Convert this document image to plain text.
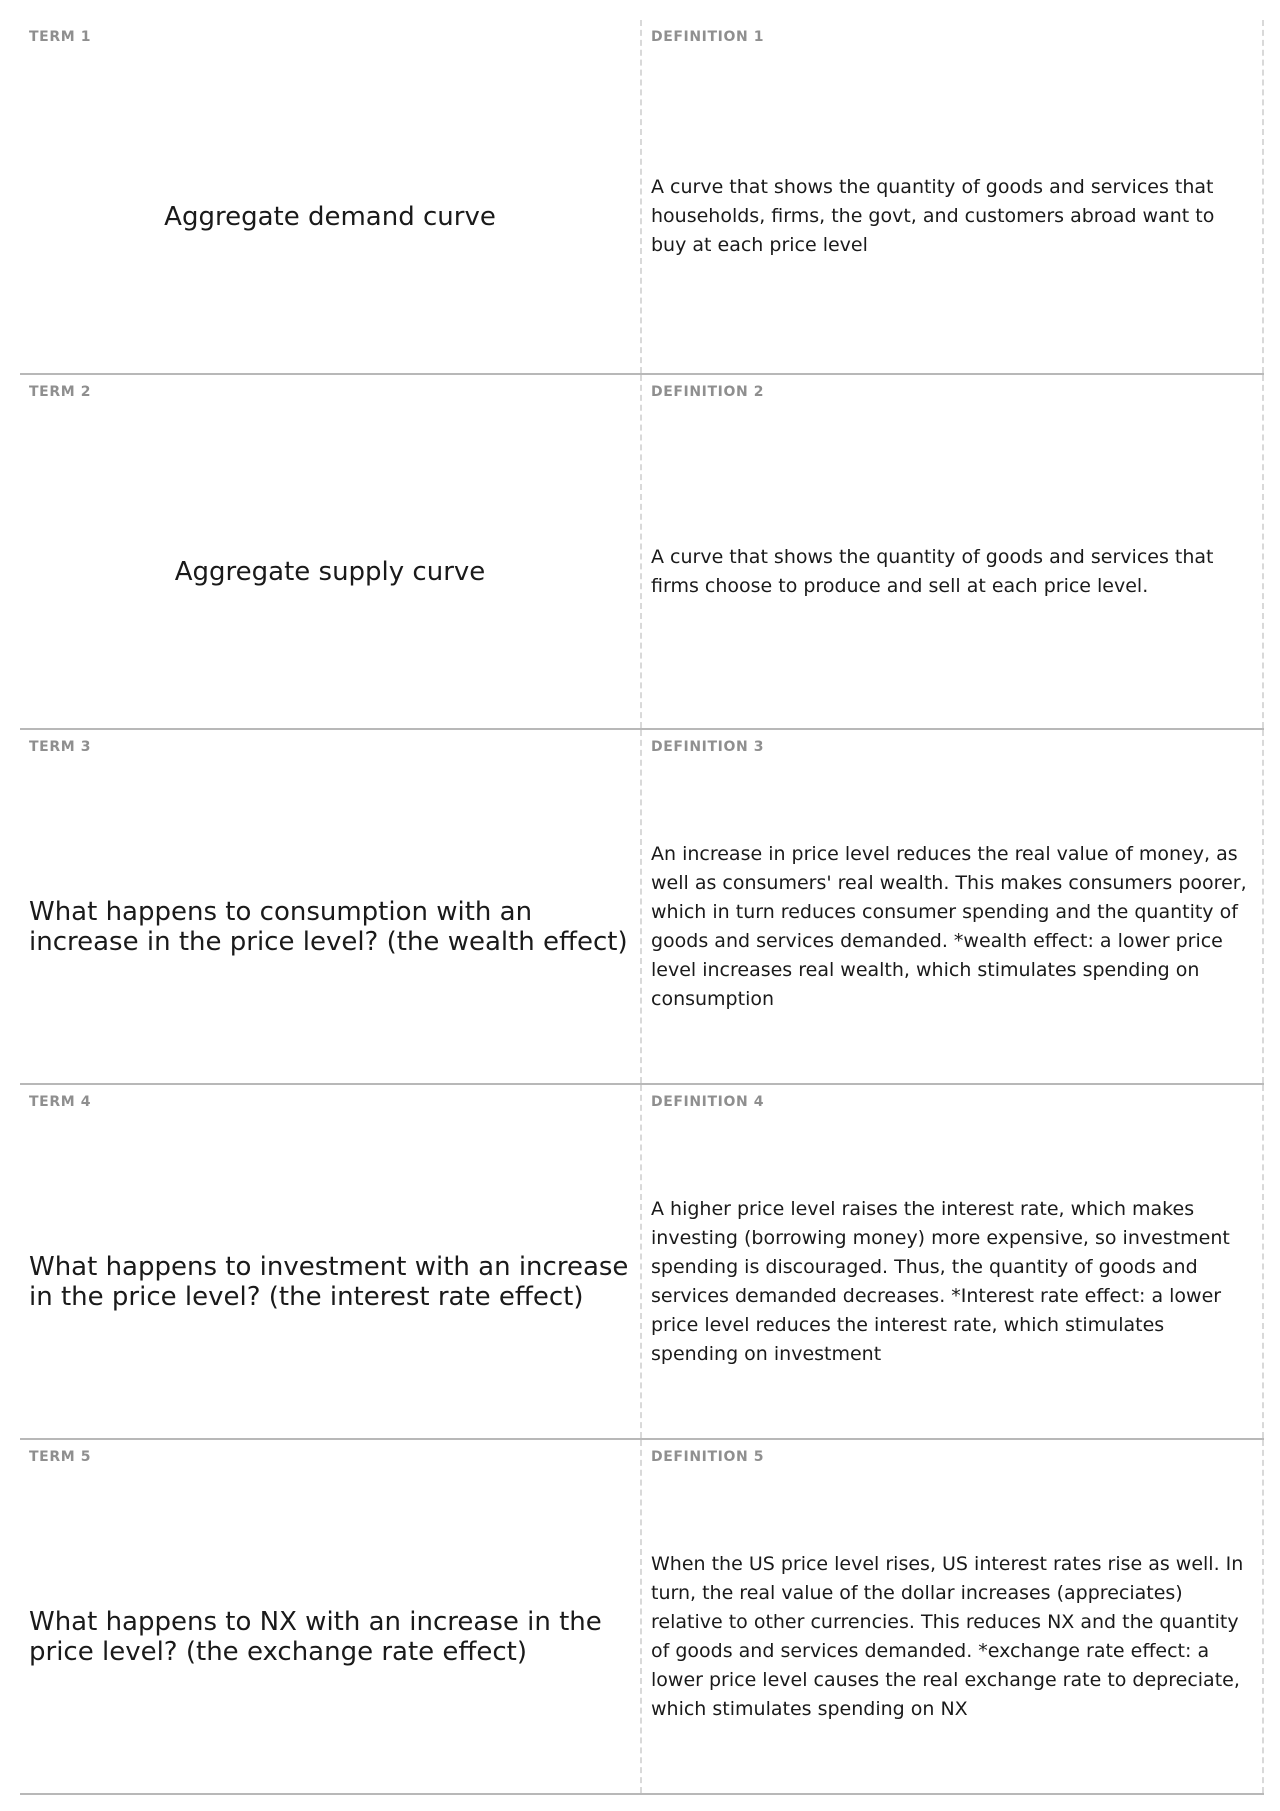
TERM 1
Aggregate demand curve
DEFINITION 1
A curve that shows the quantity of goods and services that households, firms, the govt, and customers abroad want to buy at each price level
TERM 2
Aggregate supply curve
DEFINITION 2
A curve that shows the quantity of goods and services that firms choose to produce and sell at each price level.
TERM 3
What happens to consumption with an increase in the price level? (the wealth effect)
DEFINITION 3
An increase in price level reduces the real value of money, as well as consumers' real wealth. This makes consumers poorer, which in turn reduces consumer spending and the quantity of goods and services demanded. *wealth effect: a lower price level increases real wealth, which stimulates spending on consumption
TERM 4
What happens to investment with an increase in the price level? (the interest rate effect)
DEFINITION 4
A higher price level raises the interest rate, which makes investing (borrowing money) more expensive, so investment spending is discouraged. Thus, the quantity of goods and services demanded decreases. *Interest rate effect: a lower price level reduces the interest rate, which stimulates spending on investment
TERM 5
What happens to NX with an increase in the price level? (the exchange rate effect)
DEFINITION 5
When the US price level rises, US interest rates rise as well. In turn, the real value of the dollar increases (appreciates) relative to other currencies. This reduces NX and the quantity of goods and services demanded. *exchange rate effect: a lower price level causes the real exchange rate to depreciate, which stimulates spending on NX
